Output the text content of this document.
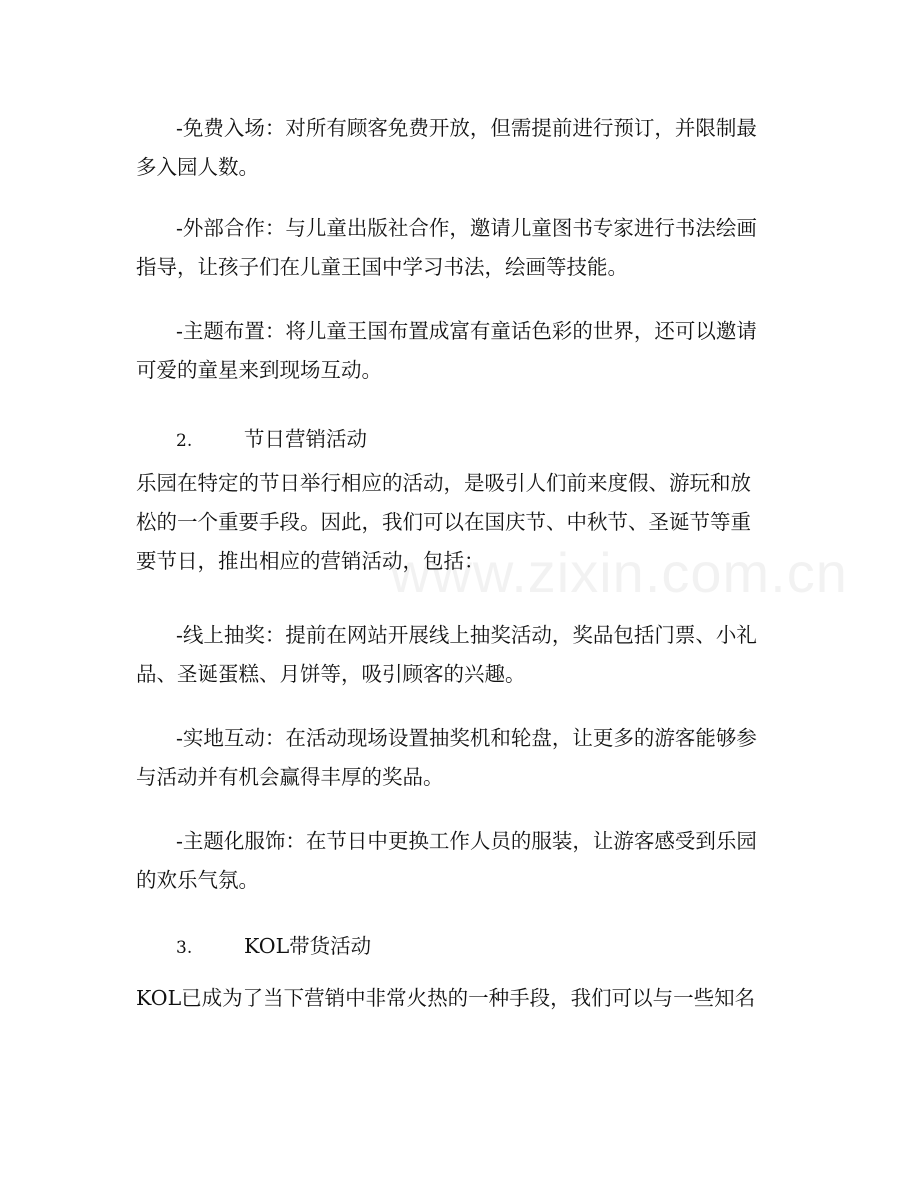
-免费入场：对所有顾客免费开放，但需提前进行预订，并限制最
多入园人数。
-外部合作：与儿童出版社合作，邀请儿童图书专家进行书法绘画
指导，让孩子们在儿童王国中学习书法，绘画等技能。
-主题布置：将儿童王国布置成富有童话色彩的世界，还可以邀请
可爱的童星来到现场互动。
2.	节日营销活动
乐园在特定的节日举行相应的活动，是吸引人们前来度假、游玩和放
松的一个重要手段。因此，我们可以在国庆节、中秋节、圣诞节等重
要节日，推出相应的营销活动，包括：
-线上抽奖：提前在网站开展线上抽奖活动，奖品包括门票、小礼
品、圣诞蛋糕、月饼等，吸引顾客的兴趣。
-实地互动：在活动现场设置抽奖机和轮盘，让更多的游客能够参
与活动并有机会赢得丰厚的奖品。
-主题化服饰：在节日中更换工作人员的服装，让游客感受到乐园
的欢乐气氛。
3.	KOL带货活动
KOL已成为了当下营销中非常火热的一种手段，我们可以与一些知名
www.zixin.com.cn
